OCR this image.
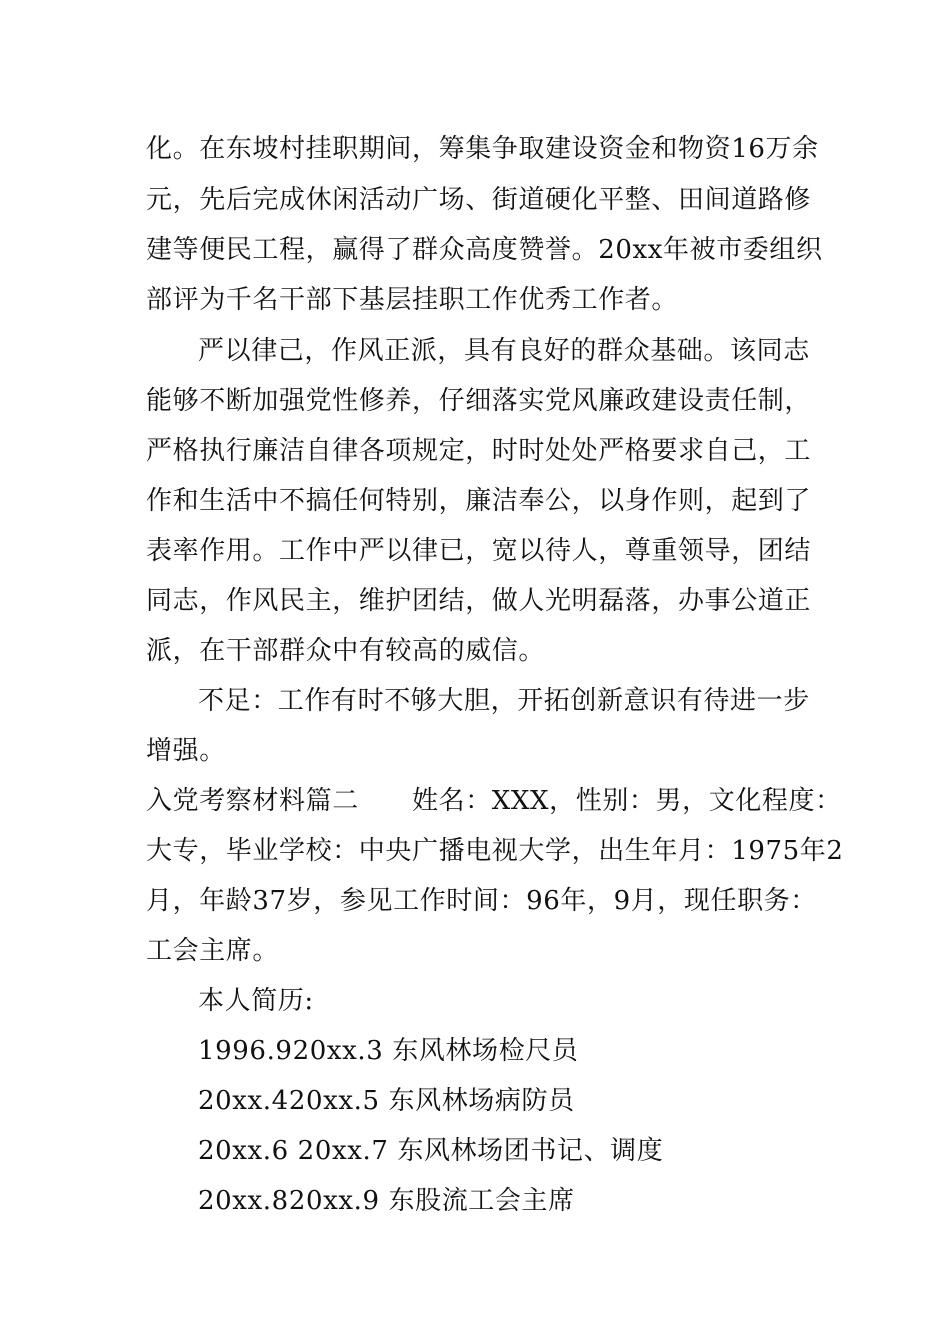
化。在东坡村挂职期间，筹集争取建设资金和物资16万余
元，先后完成休闲活动广场、街道硬化平整、田间道路修
建等便民工程，赢得了群众高度赞誉。20xx年被市委组织
部评为千名干部下基层挂职工作优秀工作者。
严以律己，作风正派，具有良好的群众基础。该同志
能够不断加强党性修养，仔细落实党风廉政建设责任制，
严格执行廉洁自律各项规定，时时处处严格要求自己，工
作和生活中不搞任何特别，廉洁奉公，以身作则，起到了
表率作用。工作中严以律已，宽以待人，尊重领导，团结
同志，作风民主，维护团结，做人光明磊落，办事公道正
派，在干部群众中有较高的威信。
不足：工作有时不够大胆，开拓创新意识有待进一步
增强。
入党考察材料篇二　　姓名：XXX，性别：男，文化程度：
大专，毕业学校：中央广播电视大学，出生年月：1975年2
月，年龄37岁，参见工作时间：96年，9月，现任职务：
工会主席。
本人简历:
1996.920xx.3 东风林场检尺员
20xx.420xx.5 东风林场病防员
20xx.6 20xx.7 东风林场团书记、调度
20xx.820xx.9 东股流工会主席
